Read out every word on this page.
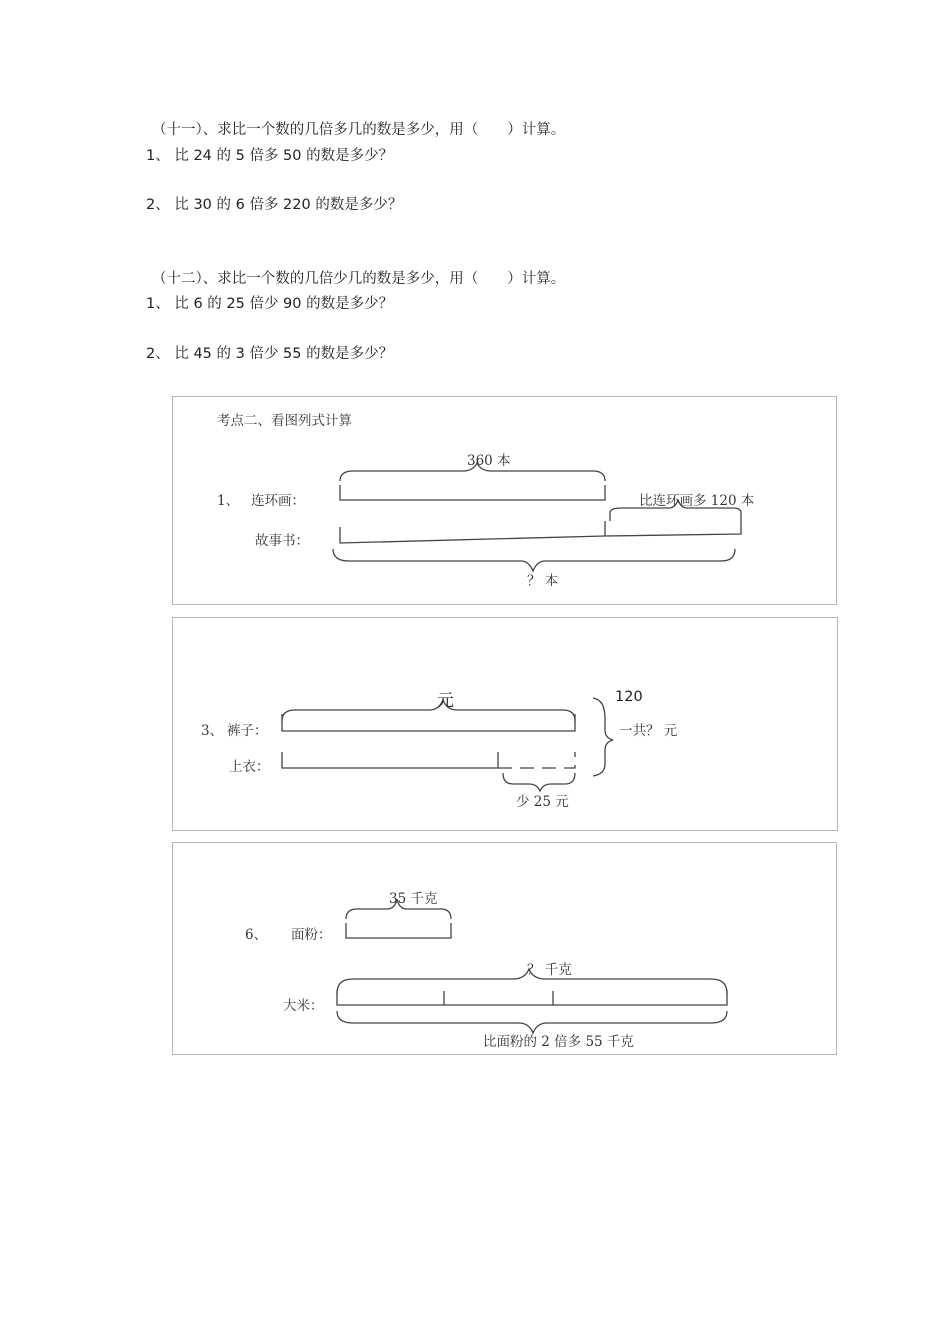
（十一）、求比一个数的几倍多几的数是多少，用（　　）计算。
1、 比 24 的 5 倍多 50 的数是多少？
2、 比 30 的 6 倍多 220 的数是多少？
（十二）、求比一个数的几倍少几的数是多少，用（　　）计算。
1、 比 6 的 25 倍少 90 的数是多少？
2、 比 45 的 3 倍少 55 的数是多少？
考点二、看图列式计算
1、 连环画：
故事书：
360 本
比连环画多 120 本
？ 本
3、 裤子：
上衣：
元	120
一共？ 元
少 25 元
6、 面粉：
大米：
35 千克
？ 千克
比面粉的 2 倍多 55 千克
